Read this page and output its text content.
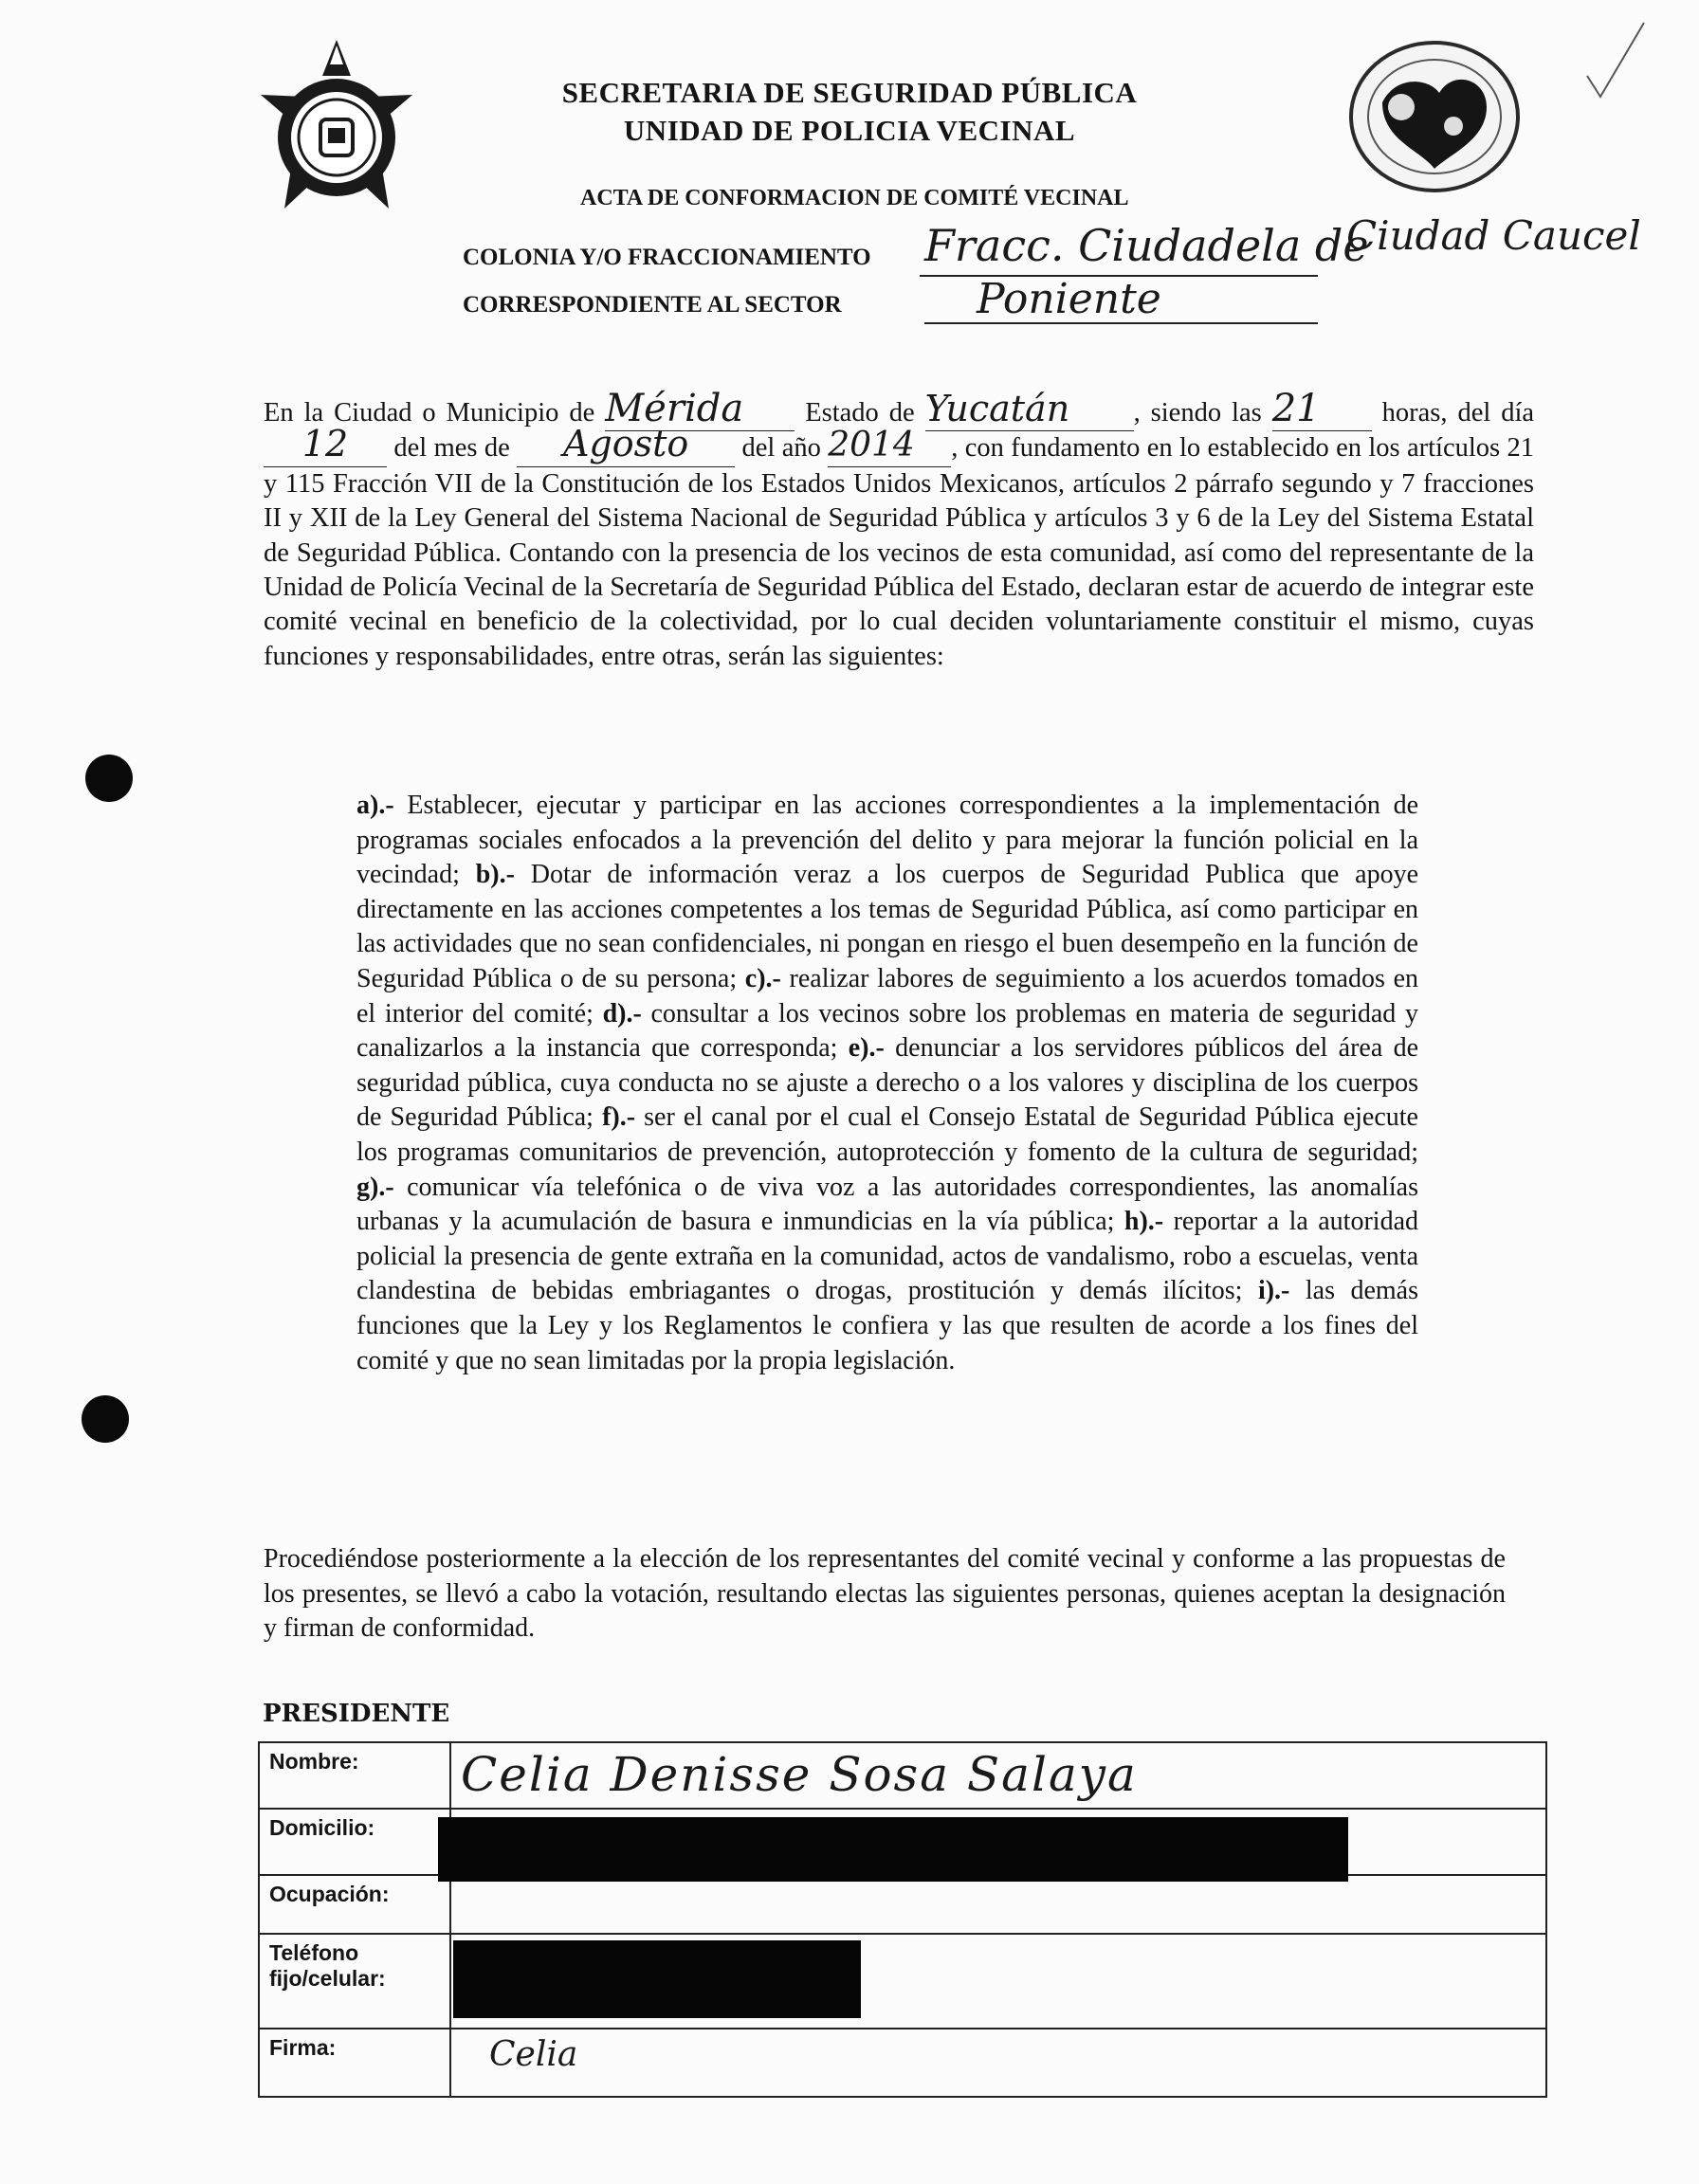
SECRETARIA DE SEGURIDAD PÚBLICA
UNIDAD DE POLICIA VECINAL
ACTA DE CONFORMACION DE COMITÉ VECINAL
COLONIA Y/O FRACCIONAMIENTO Fracc. Ciudadela de
Ciudad Caucel
CORRESPONDIENTE AL SECTOR	Poniente
En la Ciudad o Municipio de Mérida Estado de Yucatán , siendo las 21 horas, del día 12 del mes de Agosto del año 2014 , con fundamento en lo establecido en los artículos 21 y 115 Fracción VII de la Constitución de los Estados Unidos Mexicanos, artículos 2 párrafo segundo y 7 fracciones II y XII de la Ley General del Sistema Nacional de Seguridad Pública y artículos 3 y 6 de la Ley del Sistema Estatal de Seguridad Pública. Contando con la presencia de los vecinos de esta comunidad, así como del representante de la Unidad de Policía Vecinal de la Secretaría de Seguridad Pública del Estado, declaran estar de acuerdo de integrar este comité vecinal en beneficio de la colectividad, por lo cual deciden voluntariamente constituir el mismo, cuyas funciones y responsabilidades, entre otras, serán las siguientes:
a).- Establecer, ejecutar y participar en las acciones correspondientes a la implementación de programas sociales enfocados a la prevención del delito y para mejorar la función policial en la vecindad; b).- Dotar de información veraz a los cuerpos de Seguridad Publica que apoye directamente en las acciones competentes a los temas de Seguridad Pública, así como participar en las actividades que no sean confidenciales, ni pongan en riesgo el buen desempeño en la función de Seguridad Pública o de su persona; c).- realizar labores de seguimiento a los acuerdos tomados en el interior del comité; d).- consultar a los vecinos sobre los problemas en materia de seguridad y canalizarlos a la instancia que corresponda; e).- denunciar a los servidores públicos del área de seguridad pública, cuya conducta no se ajuste a derecho o a los valores y disciplina de los cuerpos de Seguridad Pública; f).- ser el canal por el cual el Consejo Estatal de Seguridad Pública ejecute los programas comunitarios de prevención, autoprotección y fomento de la cultura de seguridad; g).- comunicar vía telefónica o de viva voz a las autoridades correspondientes, las anomalías urbanas y la acumulación de basura e inmundicias en la vía pública; h).- reportar a la autoridad policial la presencia de gente extraña en la comunidad, actos de vandalismo, robo a escuelas, venta clandestina de bebidas embriagantes o drogas, prostitución y demás ilícitos; i).- las demás funciones que la Ley y los Reglamentos le confiera y las que resulten de acorde a los fines del comité y que no sean limitadas por la propia legislación.
Procediéndose posteriormente a la elección de los representantes del comité vecinal y conforme a las propuestas de los presentes, se llevó a cabo la votación, resultando electas las siguientes personas, quienes aceptan la designación y firman de conformidad.
PRESIDENTE
Nombre:	Celia Denisse Sosa Salaya

Domicilio:	
Ocupación:	
Teléfono fijo/celular:	
Firma:	Celia
